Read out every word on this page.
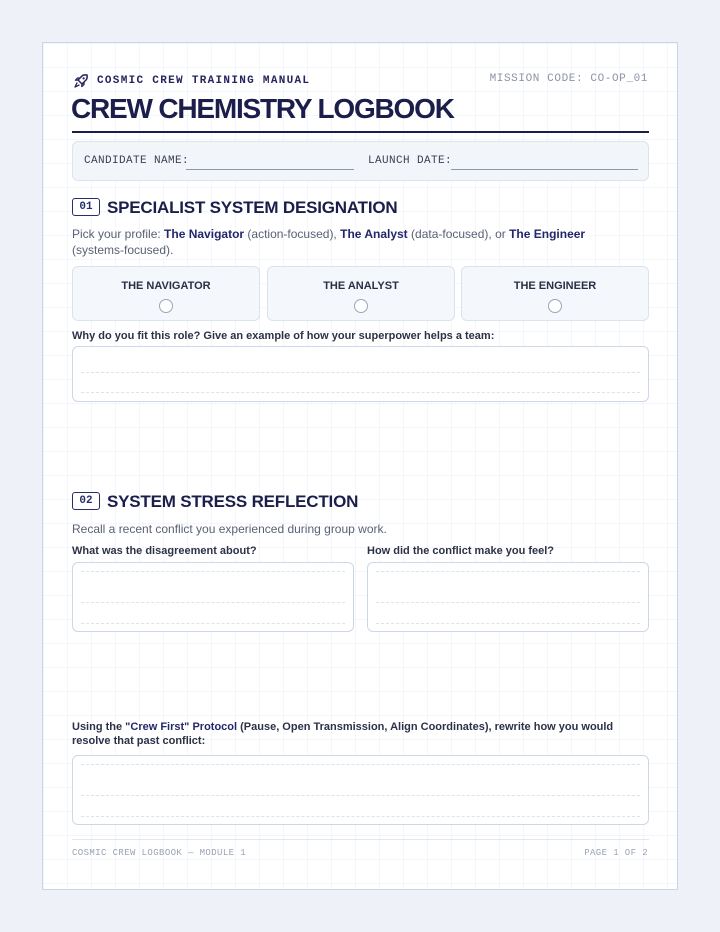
COSMIC CREW TRAINING MANUAL	MISSION CODE: CO-OP_01
CREW CHEMISTRY LOGBOOK
CANDIDATE NAME:	LAUNCH DATE:
01 SPECIALIST SYSTEM DESIGNATION

Pick your profile: The Navigator (action-focused), The Analyst (data-focused), or The Engineer (systems-focused).

THE NAVIGATOR	THE ANALYST	THE ENGINEER
Why do you fit this role? Give an example of how your superpower helps a team:
02 SYSTEM STRESS REFLECTION

Recall a recent conflict you experienced during group work.

What was the disagreement about?	How did the conflict make you feel?

Using the "Crew First" Protocol (Pause, Open Transmission, Align Coordinates), rewrite how you would resolve that past conflict:

COSMIC CREW LOGBOOK — MODULE 1	PAGE 1 OF 2
